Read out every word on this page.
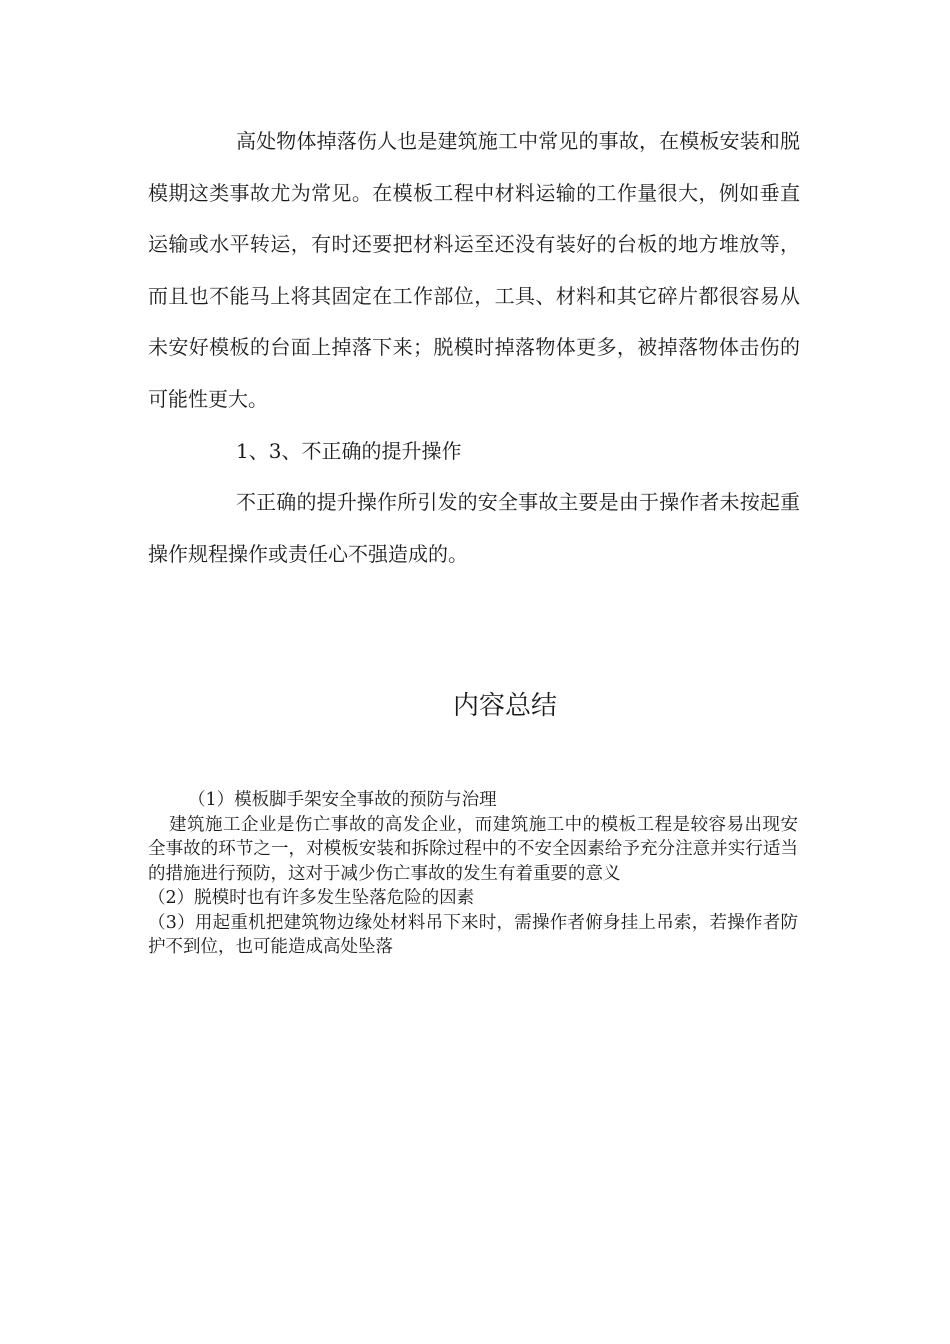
高处物体掉落伤人也是建筑施工中常见的事故，在模板安装和脱模期这类事故尤为常见。在模板工程中材料运输的工作量很大，例如垂直运输或水平转运，有时还要把材料运至还没有装好的台板的地方堆放等，而且也不能马上将其固定在工作部位，工具、材料和其它碎片都很容易从未安好模板的台面上掉落下来；脱模时掉落物体更多，被掉落物体击伤的可能性更大。

1、3、不正确的提升操作

不正确的提升操作所引发的安全事故主要是由于操作者未按起重操作规程操作或责任心不强造成的。

内容总结
（1）模板脚手架安全事故的预防与治理
建筑施工企业是伤亡事故的高发企业，而建筑施工中的模板工程是较容易出现安全事故的环节之一，对模板安装和拆除过程中的不安全因素给予充分注意并实行适当的措施进行预防，这对于减少伤亡事故的发生有着重要的意义
（2）脱模时也有许多发生坠落危险的因素
（3）用起重机把建筑物边缘处材料吊下来时，需操作者俯身挂上吊索，若操作者防护不到位，也可能造成高处坠落
